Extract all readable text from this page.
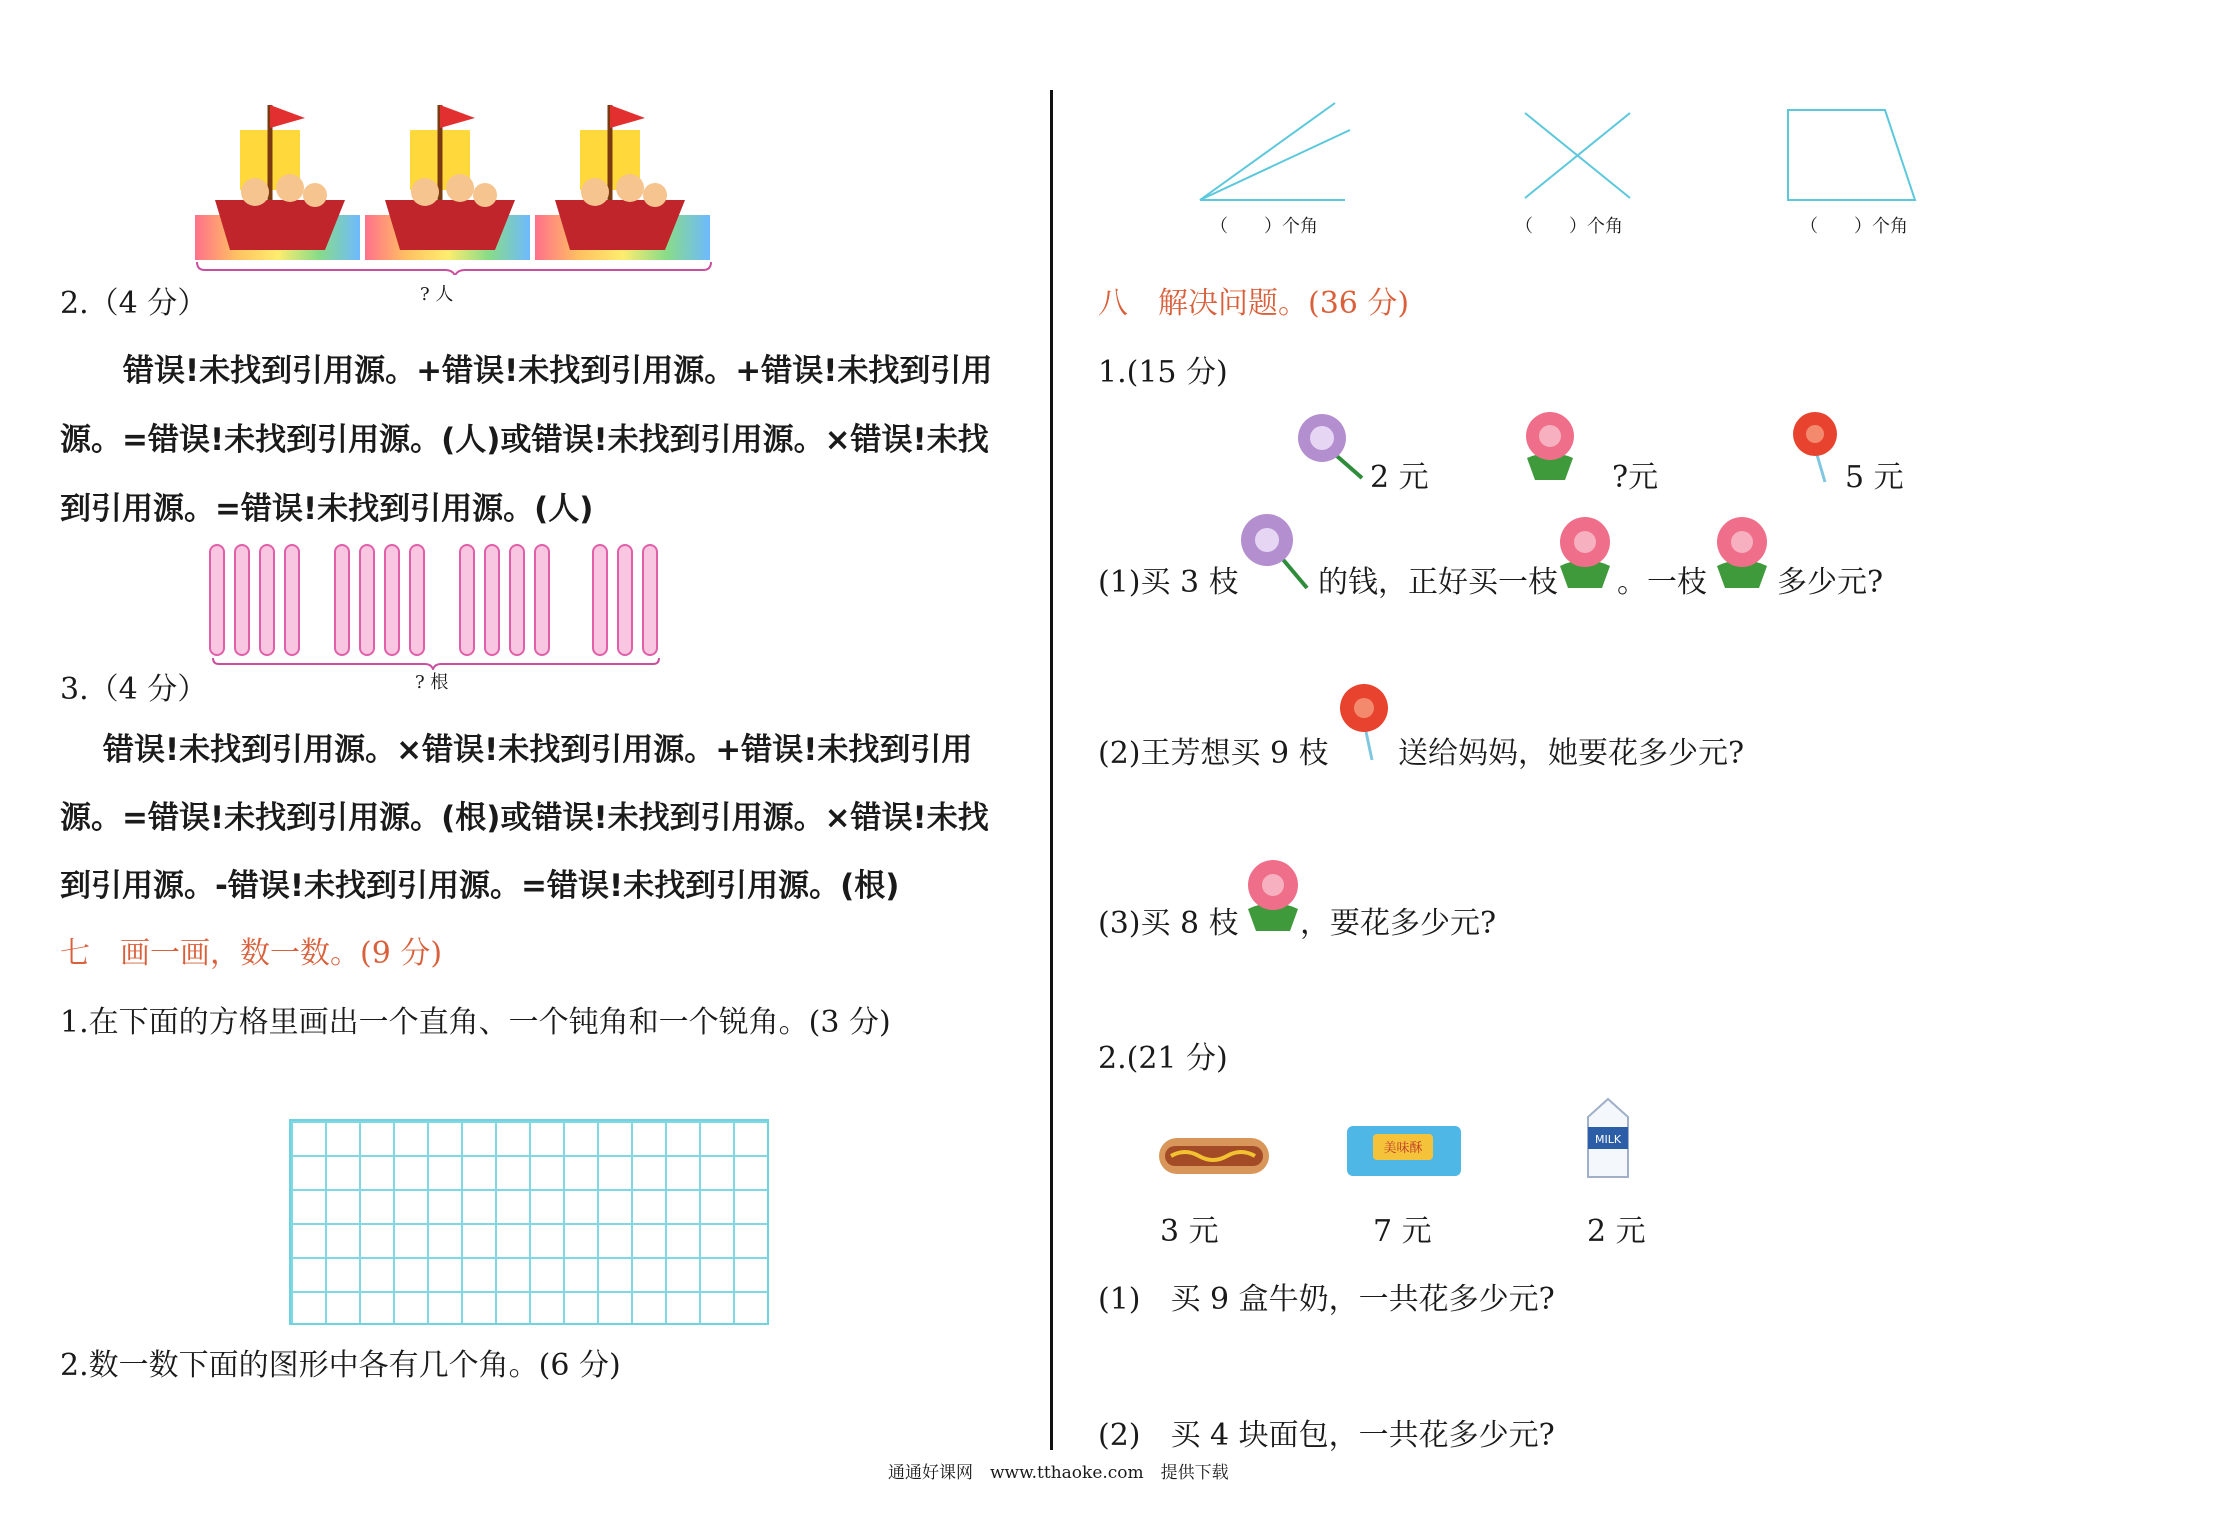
? 人
2.（4 分）
错误!未找到引用源。+错误!未找到引用源。+错误!未找到引用
源。=错误!未找到引用源。(人)或错误!未找到引用源。×错误!未找
到引用源。=错误!未找到引用源。(人)
? 根
3.（4 分）
错误!未找到引用源。×错误!未找到引用源。+错误!未找到引用
源。=错误!未找到引用源。(根)或错误!未找到引用源。×错误!未找
到引用源。-错误!未找到引用源。=错误!未找到引用源。(根)
七　画一画，数一数。(9 分)
1.在下面的方格里画出一个直角、一个钝角和一个锐角。(3 分)
2.数一数下面的图形中各有几个角。(6 分)
（　　）个角	（　　）个角	（　　）个角
八　解决问题。(36 分)
1.(15 分)
2 元	?元	5 元
(1)买 3 枝	的钱，正好买一枝 。一枝 多少元?
(2)王芳想买 9 枝 送给妈妈，她要花多少元?
(3)买 8 枝 ，要花多少元?
2.(21 分)
美味酥
MILK
3 元	7 元	2 元
(1)　买 9 盒牛奶，一共花多少元?
(2)　买 4 块面包，一共花多少元?
通通好课网　www.tthaoke.com　提供下载
